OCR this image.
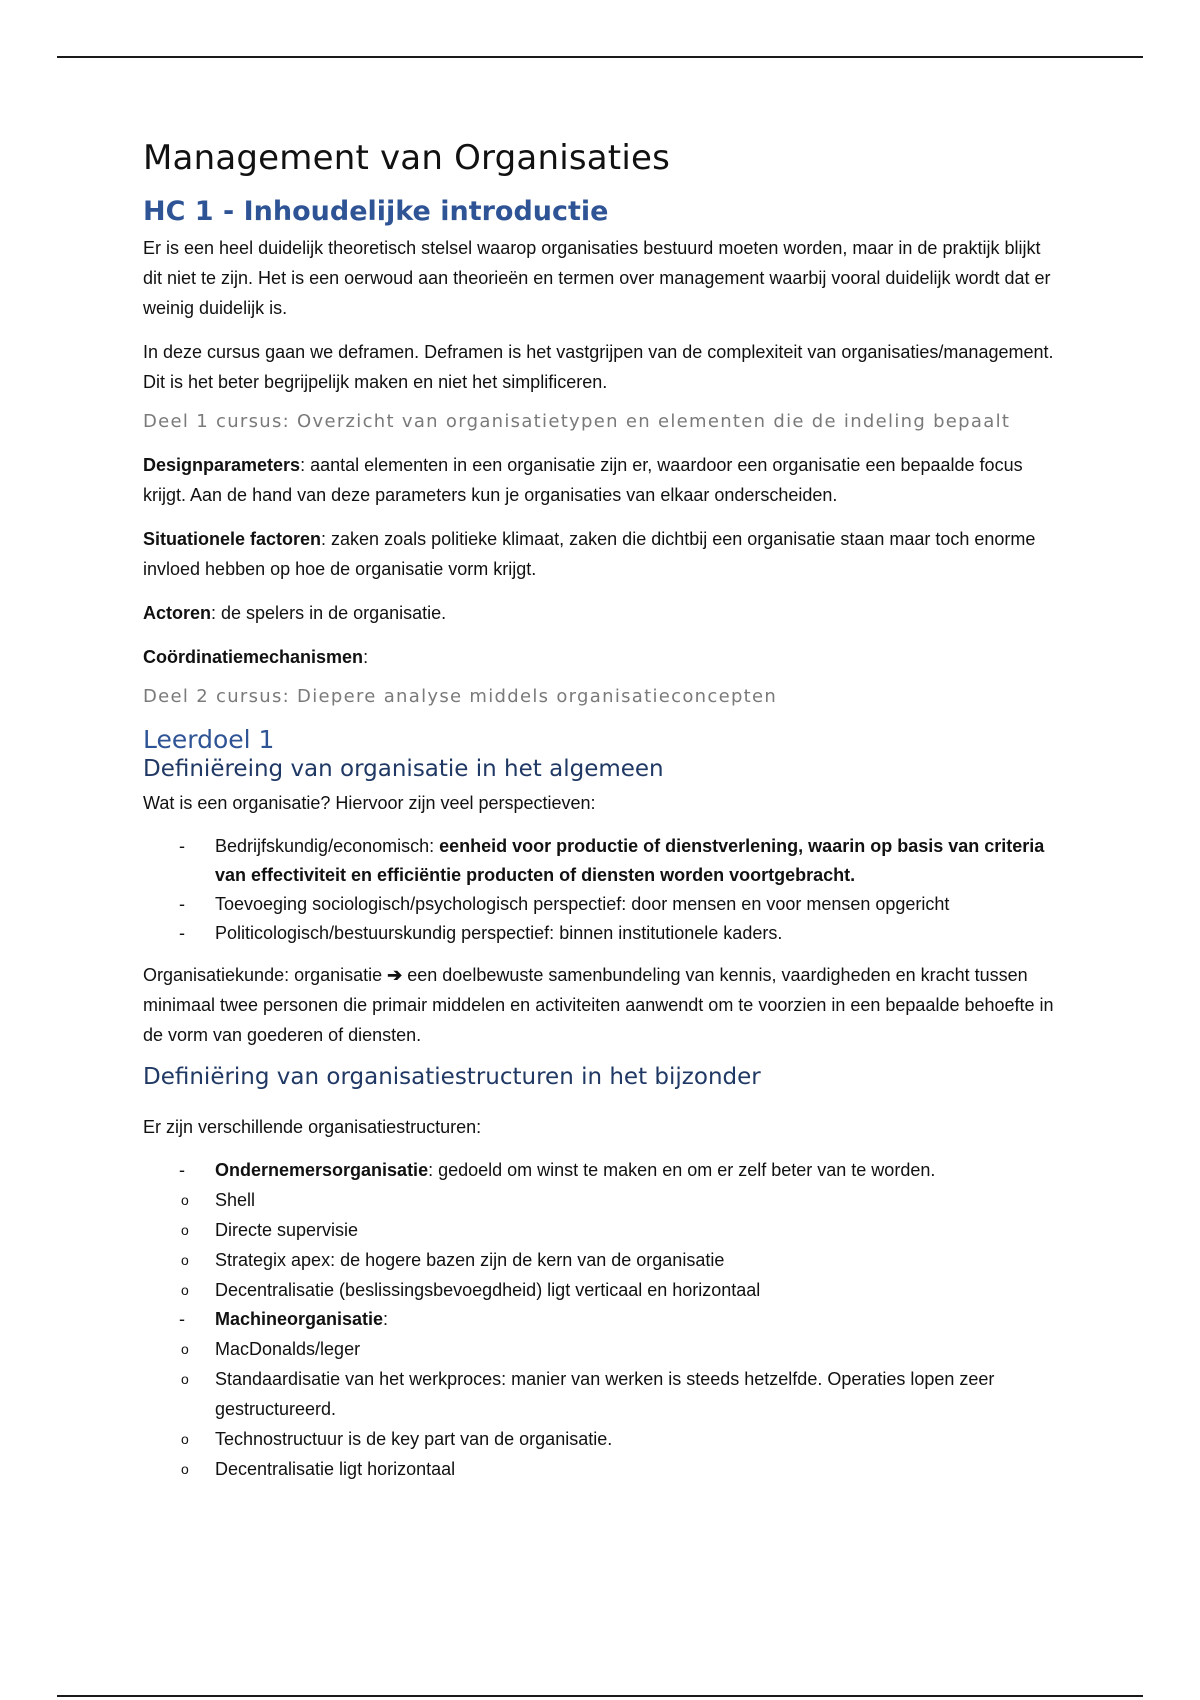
Management van Organisaties
HC 1 - Inhoudelijke introductie

Er is een heel duidelijk theoretisch stelsel waarop organisaties bestuurd moeten worden, maar in de praktijk blijkt dit niet te zijn. Het is een oerwoud aan theorieën en termen over management waarbij vooral duidelijk wordt dat er weinig duidelijk is.

In deze cursus gaan we deframen. Deframen is het vastgrijpen van de complexiteit van organisaties/management. Dit is het beter begrijpelijk maken en niet het simplificeren.

Deel 1 cursus: Overzicht van organisatietypen en elementen die de indeling bepaalt

Designparameters: aantal elementen in een organisatie zijn er, waardoor een organisatie een bepaalde focus krijgt. Aan de hand van deze parameters kun je organisaties van elkaar onderscheiden.

Situationele factoren: zaken zoals politieke klimaat, zaken die dichtbij een organisatie staan maar toch enorme invloed hebben op hoe de organisatie vorm krijgt.

Actoren: de spelers in de organisatie.

Coördinatiemechanismen:

Deel 2 cursus: Diepere analyse middels organisatieconcepten
Leerdoel 1
Definiëreing van organisatie in het algemeen

Wat is een organisatie? Hiervoor zijn veel perspectieven:

- Bedrijfskundig/economisch: eenheid voor productie of dienstverlening, waarin op basis van criteria van effectiviteit en efficiëntie producten of diensten worden voortgebracht.
- Toevoeging sociologisch/psychologisch perspectief: door mensen en voor mensen opgericht
- Politicologisch/bestuurskundig perspectief: binnen institutionele kaders.

Organisatiekunde: organisatie ➔ een doelbewuste samenbundeling van kennis, vaardigheden en kracht tussen minimaal twee personen die primair middelen en activiteiten aanwendt om te voorzien in een bepaalde behoefte in de vorm van goederen of diensten.

Definiëring van organisatiestructuren in het bijzonder

Er zijn verschillende organisatiestructuren:

- Ondernemersorganisatie: gedoeld om winst te maken en om er zelf beter van te worden.
o Shell
o Directe supervisie
o Strategix apex: de hogere bazen zijn de kern van de organisatie
o Decentralisatie (beslissingsbevoegdheid) ligt verticaal en horizontaal
- Machineorganisatie:
o MacDonalds/leger
o Standaardisatie van het werkproces: manier van werken is steeds hetzelfde. Operaties lopen zeer gestructureerd.
o Technostructuur is de key part van de organisatie.
o Decentralisatie ligt horizontaal
